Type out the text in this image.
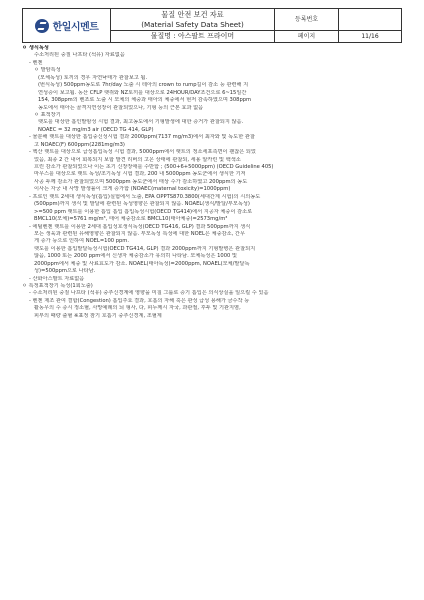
한일시멘트
물질 안전 보건 자료
(Material Safety Data Sheet)
물질명 : 아스팔트 프라이머
등록번호
페이지	11/16
ㅇ 생식독성
수소처리된 중질 나프타 (석유) 자료없음
- 벤젠
ㅇ 발암특성
(모체독성) 토끼의 경우 자연낙태가 관찰보고 됨.
(번식독성) 500ppm농도로 7hr/day 노출 시 테아의 crown to rump길이 감소 등 관련해 지
연성증이 보고됨. 동산 CFLP 랫쥐와 NZ토끼를 대상으로 24HOUR/DAY조건으로 6~15일간
154, 308ppm의 벤조로 노출 시 모체의 체중과 태아의 체중에서 현저 감속하였으며 308ppm
농도에서 태아는 골격지연성장이 관찰되었으나, 기형 등의 근본 효과 없음
ㅇ 표적장기
랫도를 대상한 흡인발암성 시험 결과, 최고농도에서 기형발생에 대한 증거가 관찰되지 않음.
NOAEC = 32 mg/m3 air (OECD TG 414, GLP)
- 물분해 랫트를 대상한 흡입중신성시험 결과 2000ppm(7137 mg/m3)에서 최자와 및 독도한 관찰
고 NOAEC(F) 600ppm(2281mg/m3)
- 헥산 랫트를 대상으로 급성흡입독성 시험 결과, 5000ppm에서 랫트의 정소세포측면이 괜찮은 되었
었음, 최종 2 간 내어 회복되지 보합 발견 리버의 고온 상태에 관찰되, 세용 알카린 및 백색소
흐린 감소가 관찰되었으나 이는 초기 신장장애를 수반함 ; (500+6+5000ppm) (OECD Guideline 405)
마우스를 대상으로 랫트 독성/조기독성 시험 결과, 200 내 5000ppm 농도군에서 생식한 기저
사공 두께 감소가 관찰되었으며 5000ppm 농도군에서 태상 수가 감소하였고 200ppm의 농도
이사는 자궁 내 사망 발생률이 크게 증가함 (NOAEC(maternal toxicity)=1000ppm)
- 프로인 랫트 2세대 생식독성(흡입)실험에서 노출, EPA OPPTS870.3800(세대간계 시험)의 시의농도
(500ppm)까지 생식 및 발달에 관련된 독성영향은 관찰되지 않음. NOAEL(생식/발달/부모독성)
>=500 ppm 랫트를 이용한 흡입 흡입 흡입독성시험(OECD TG414)에서 지공자 체중이 감소로
BMCL10(모체)=5761 mg/m³, 태어 체중감소로 BMCL10(태아체중)=2573mg/m³
- 에틸벤젠 랫트를 이용한 2세대 흡입성호생식독성(OECD TG416, GLP) 결과 500ppm까지 생식
모는 생육과 관련된 유해영향은 관찰되지 않음. 부모독성 특성에 대한 NOEL은 체중감소, 간무
게 증가 등으로 인하여 NOEL=100 ppm.
랫도를 이용한 흡입발달독성시험(OECD TG414, GLP) 결과 2000ppm까지 기형발병은 관찰되지
않음, 1000 또는 2000 ppm에서 신생자 체중감소가 유의히 나타남. 모체독성은 1000 및
2000ppm에서 체중 및 사료효도가 감소. NOAEL(태아독성)=2000ppm, NOAEL(모체/발달독
성)=500ppm으로 나타남.
- 산화아스팔트 자료없음
ㅇ 특정표적장기 독성(1회노출)
- 수소처리된 중질 나프타 (석유) 중추신경계에 영향을 미칠 그룹로 증기 흡입은 의식상실을 일으킬 수 있음
- 벤젠 제조 관여 결합(Congestion) 흡입주요 결과, 호흡의 자해 혹은 관성 급성 용해가 금수작 등
활동우의 수 증시 정소혈, 사망예례의 뇌 형사, 다, 피누께시 자국, 과관절, 후두 및 기관지염,
피부의 때량 출혈 ※표정 잠기 호흡기 중추신경계, 조혈계
